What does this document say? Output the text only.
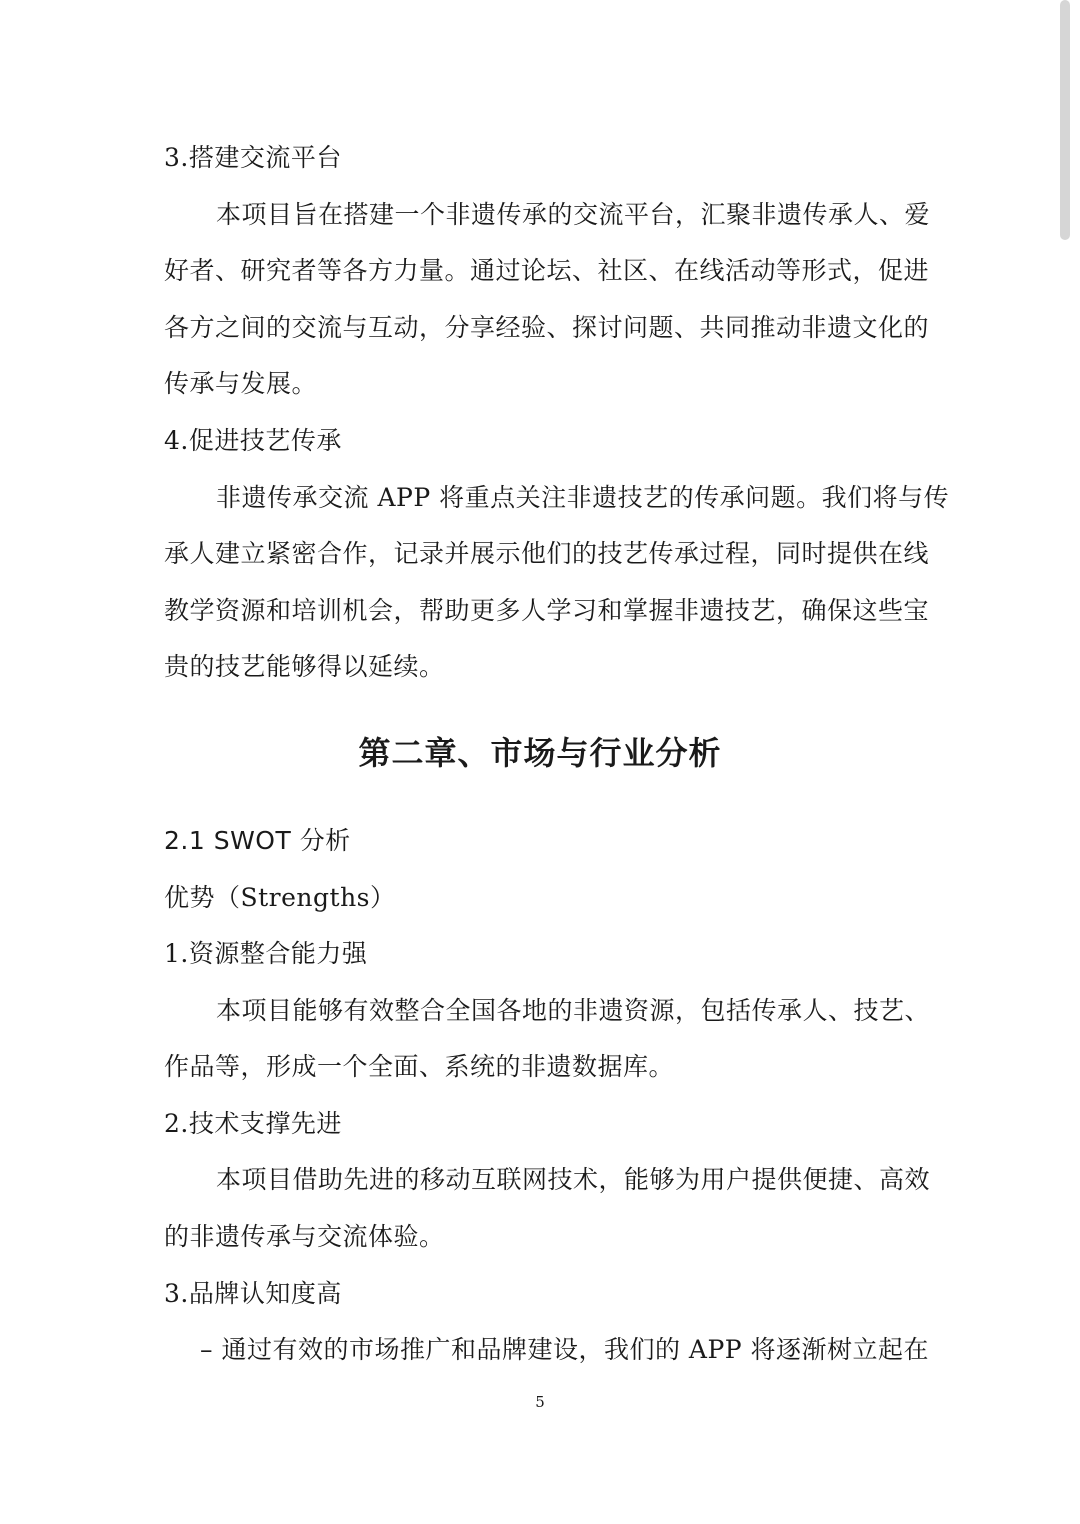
3.搭建交流平台
本项目旨在搭建一个非遗传承的交流平台，汇聚非遗传承人、爱
好者、研究者等各方力量。通过论坛、社区、在线活动等形式，促进
各方之间的交流与互动，分享经验、探讨问题、共同推动非遗文化的
传承与发展。
4.促进技艺传承
非遗传承交流 APP 将重点关注非遗技艺的传承问题。我们将与传
承人建立紧密合作，记录并展示他们的技艺传承过程，同时提供在线
教学资源和培训机会，帮助更多人学习和掌握非遗技艺，确保这些宝
贵的技艺能够得以延续。
第二章、市场与行业分析
2.1 SWOT 分析
优势（Strengths）
1.资源整合能力强
本项目能够有效整合全国各地的非遗资源，包括传承人、技艺、
作品等，形成一个全面、系统的非遗数据库。
2.技术支撑先进
本项目借助先进的移动互联网技术，能够为用户提供便捷、高效
的非遗传承与交流体验。
3.品牌认知度高
– 通过有效的市场推广和品牌建设，我们的 APP 将逐渐树立起在
5
